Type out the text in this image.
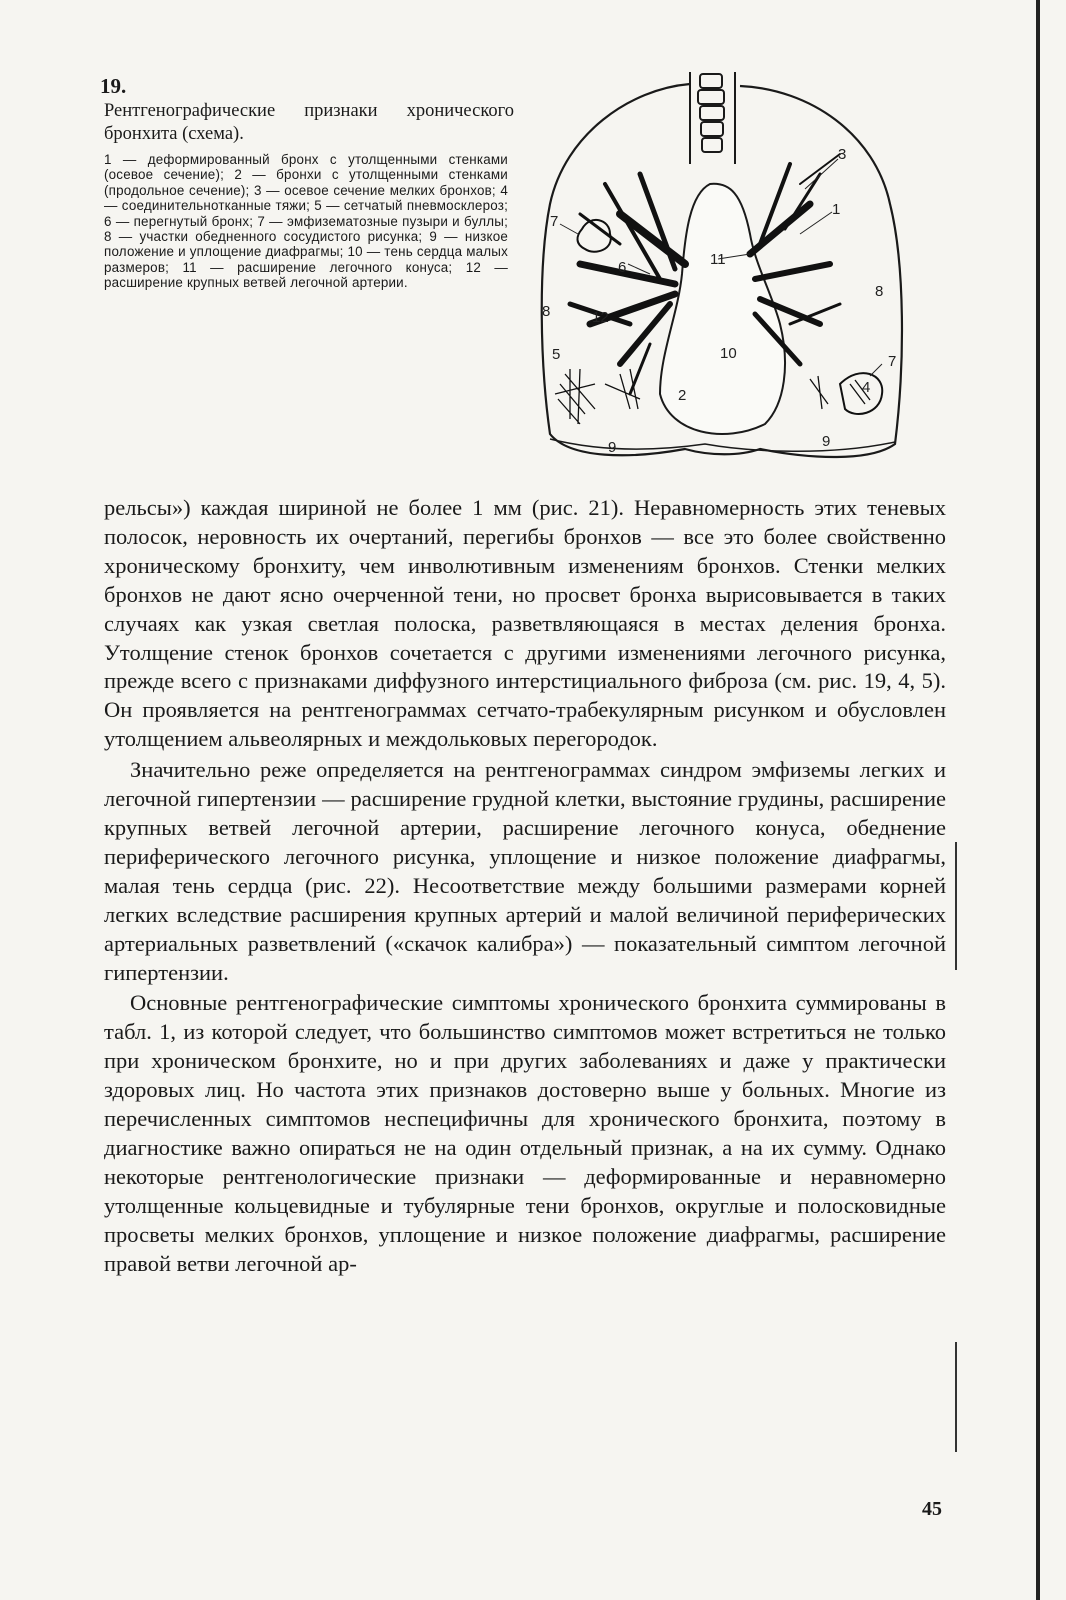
19.
Рентгенографические признаки хронического бронхита (схема).
1 — деформированный бронх с утолщенными стенками (осевое сечение); 2 — бронхи с утолщенными стенками (продольное сечение); 3 — осевое сечение мелких бронхов; 4 — соединительнотканные тяжи; 5 — сетчатый пневмосклероз; 6 — перегнутый бронх; 7 — эмфизематозные пузыри и буллы; 8 — участки обедненного сосудистого рисунка; 9 — низкое положение и уплощение диафрагмы; 10 — тень сердца малых размеров; 11 — расширение легочного конуса; 12 — расширение крупных ветвей легочной артерии.
3
1
7
6	11
8
8	12
10
5	7
4
2
9	9

рельсы») каждая шириной не более 1 мм (рис. 21). Неравномерность этих теневых полосок, неровность их очертаний, перегибы бронхов — все это более свойственно хроническому бронхиту, чем инволютивным изменениям бронхов. Стенки мелких бронхов не дают ясно очерченной тени, но просвет бронха вырисовывается в таких случаях как узкая светлая полоска, разветвляющаяся в местах деления бронха. Утолщение стенок бронхов сочетается с другими изменениями легочного рисунка, прежде всего с признаками диффузного интерстициального фиброза (см. рис. 19, 4, 5). Он проявляется на рентгенограммах сетчато-трабекулярным рисунком и обусловлен утолщением альвеолярных и междольковых перегородок.

Значительно реже определяется на рентгенограммах синдром эмфиземы легких и легочной гипертензии — расширение грудной клетки, выстояние грудины, расширение крупных ветвей легочной артерии, расширение легочного конуса, обеднение периферического легочного рисунка, уплощение и низкое положение диафрагмы, малая тень сердца (рис. 22). Несоответствие между большими размерами корней легких вследствие расширения крупных артерий и малой величиной периферических артериальных разветвлений («скачок калибра») — показательный симптом легочной гипертензии.

Основные рентгенографические симптомы хронического бронхита суммированы в табл. 1, из которой следует, что большинство симптомов может встретиться не только при хроническом бронхите, но и при других заболеваниях и даже у практически здоровых лиц. Но частота этих признаков достоверно выше у больных. Многие из перечисленных симптомов неспецифичны для хронического бронхита, поэтому в диагностике важно опираться не на один отдельный признак, а на их сумму. Однако некоторые рентгенологические признаки — деформированные и неравномерно утолщенные кольцевидные и тубулярные тени бронхов, округлые и полосковидные просветы мелких бронхов, уплощение и низкое положение диафрагмы, расширение правой ветви легочной ар-

45
